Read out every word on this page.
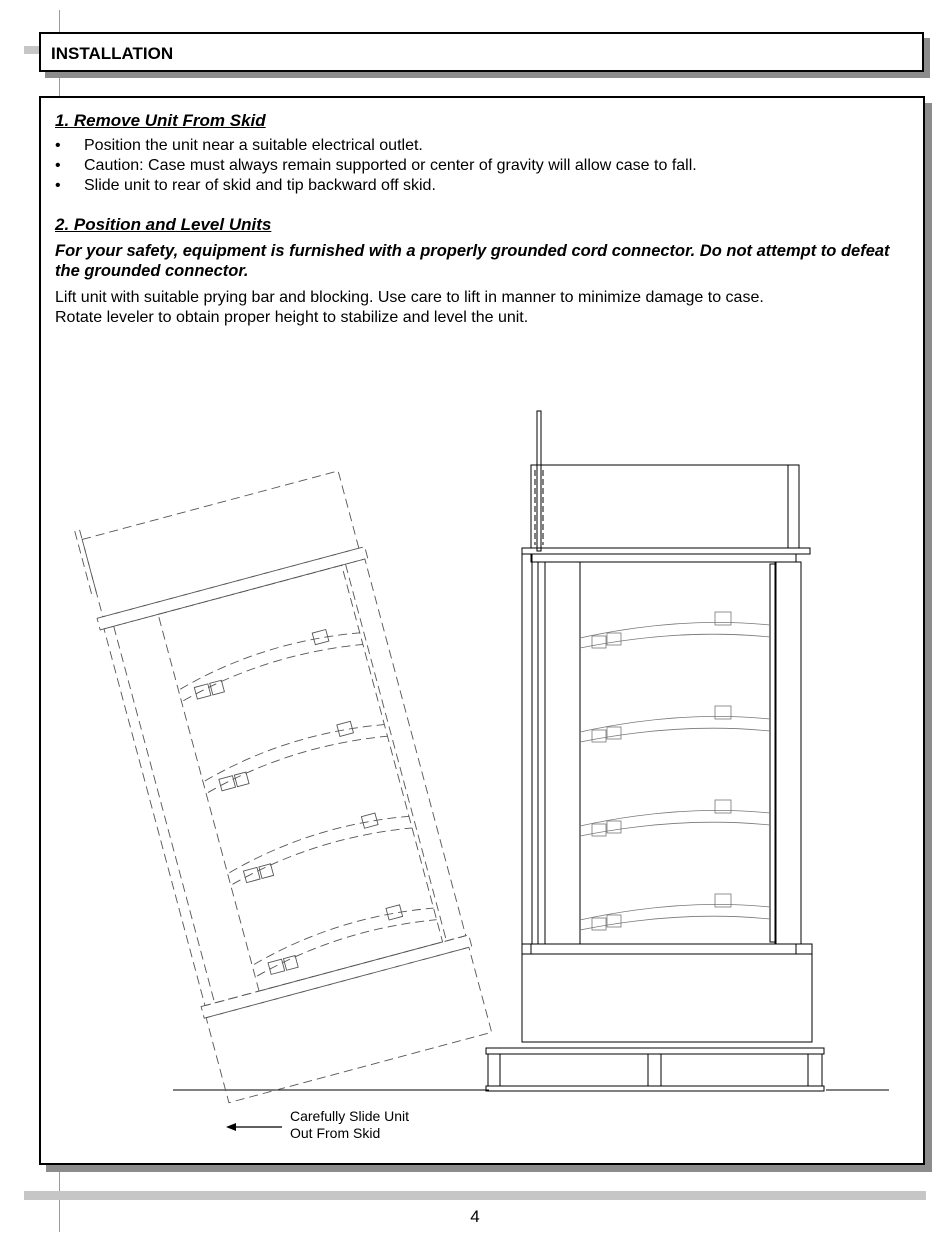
INSTALLATION
1. Remove Unit From Skid
• Position the unit near a suitable electrical outlet.
• Caution: Case must always remain supported or center of gravity will allow case to fall.
• Slide unit to rear of skid and tip backward off skid.
2. Position and Level Units
For your safety, equipment is furnished with a properly grounded cord connector. Do not attempt to defeat the grounded connector.
Lift unit with suitable prying bar and blocking. Use care to lift in manner to minimize damage to case.
Rotate leveler to obtain proper height to stabilize and level the unit.
Carefully Slide Unit
Out From Skid
4
